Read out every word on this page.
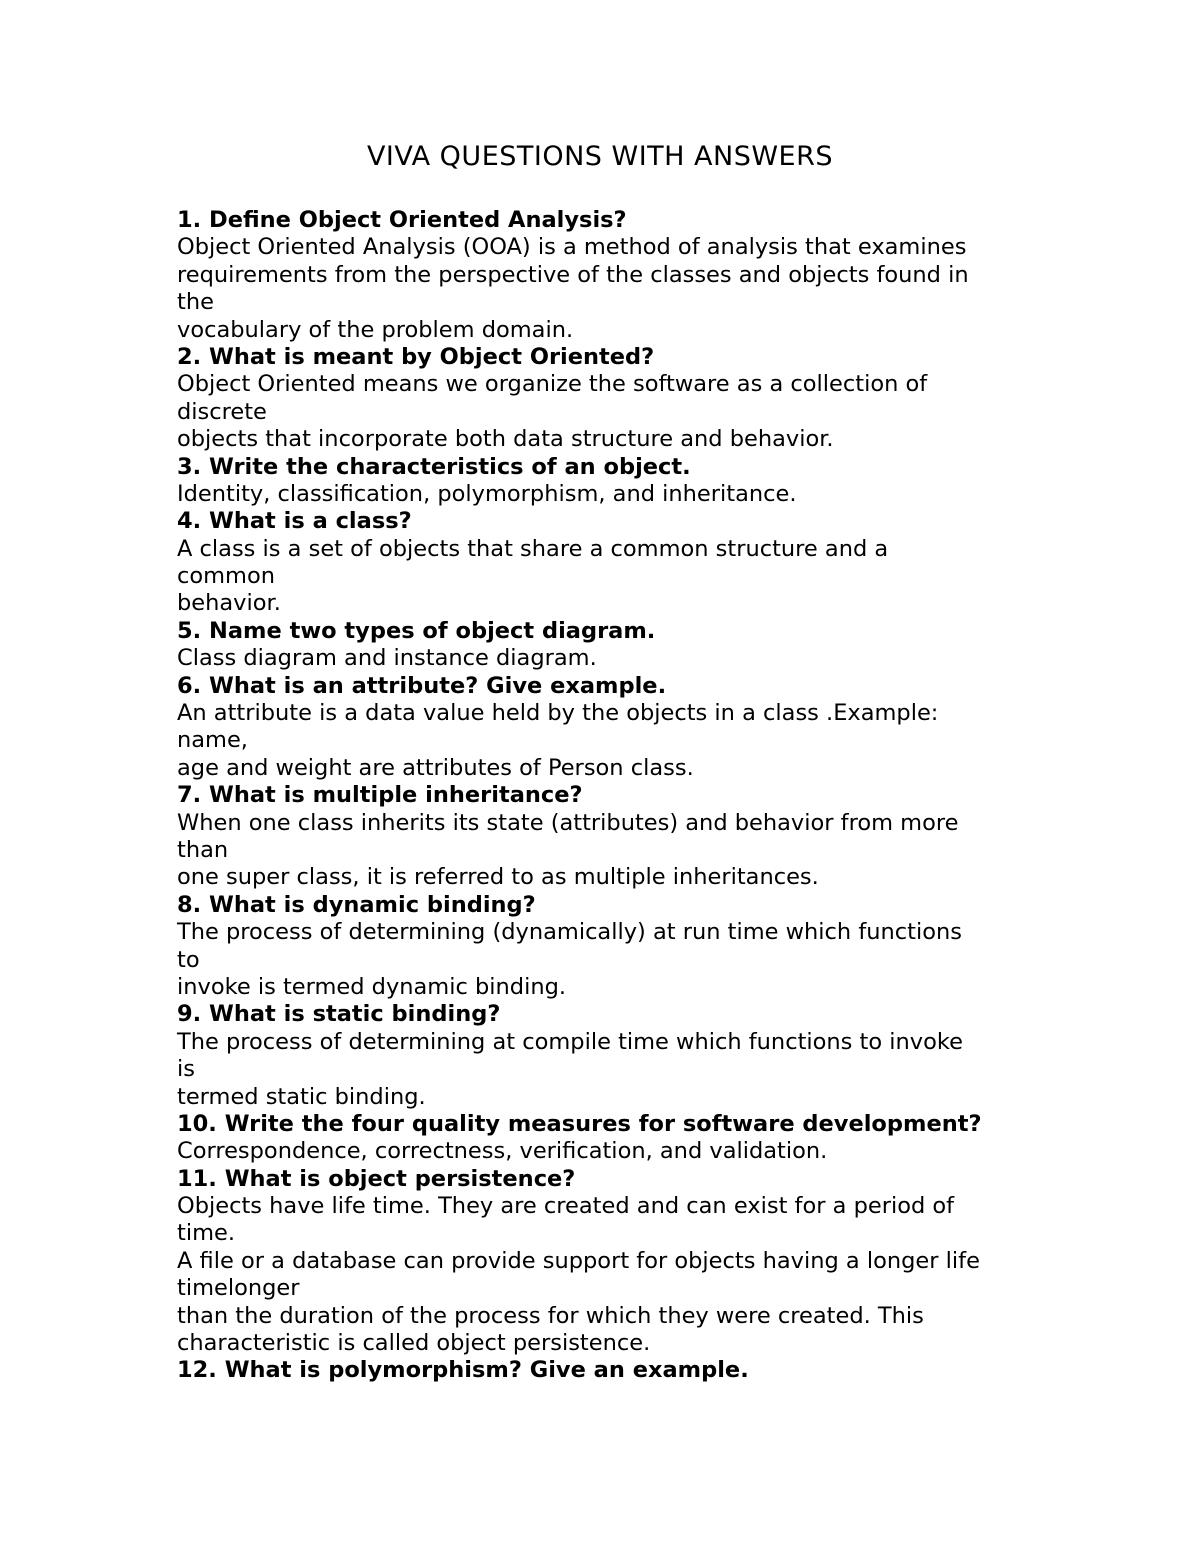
VIVA QUESTIONS WITH ANSWERS
1. Define Object Oriented Analysis?
Object Oriented Analysis (OOA) is a method of analysis that examines
requirements from the perspective of the classes and objects found in
the
vocabulary of the problem domain.
2. What is meant by Object Oriented?
Object Oriented means we organize the software as a collection of
discrete
objects that incorporate both data structure and behavior.
3. Write the characteristics of an object.
Identity, classification, polymorphism, and inheritance.
4. What is a class?
A class is a set of objects that share a common structure and a
common
behavior.
5. Name two types of object diagram.
Class diagram and instance diagram.
6. What is an attribute? Give example.
An attribute is a data value held by the objects in a class .Example:
name,
age and weight are attributes of Person class.
7. What is multiple inheritance?
When one class inherits its state (attributes) and behavior from more
than
one super class, it is referred to as multiple inheritances.
8. What is dynamic binding?
The process of determining (dynamically) at run time which functions
to
invoke is termed dynamic binding.
9. What is static binding?
The process of determining at compile time which functions to invoke
is
termed static binding.
10. Write the four quality measures for software development?
Correspondence, correctness, verification, and validation.
11. What is object persistence?
Objects have life time. They are created and can exist for a period of
time.
A file or a database can provide support for objects having a longer life
timelonger
than the duration of the process for which they were created. This
characteristic is called object persistence.
12. What is polymorphism? Give an example.
